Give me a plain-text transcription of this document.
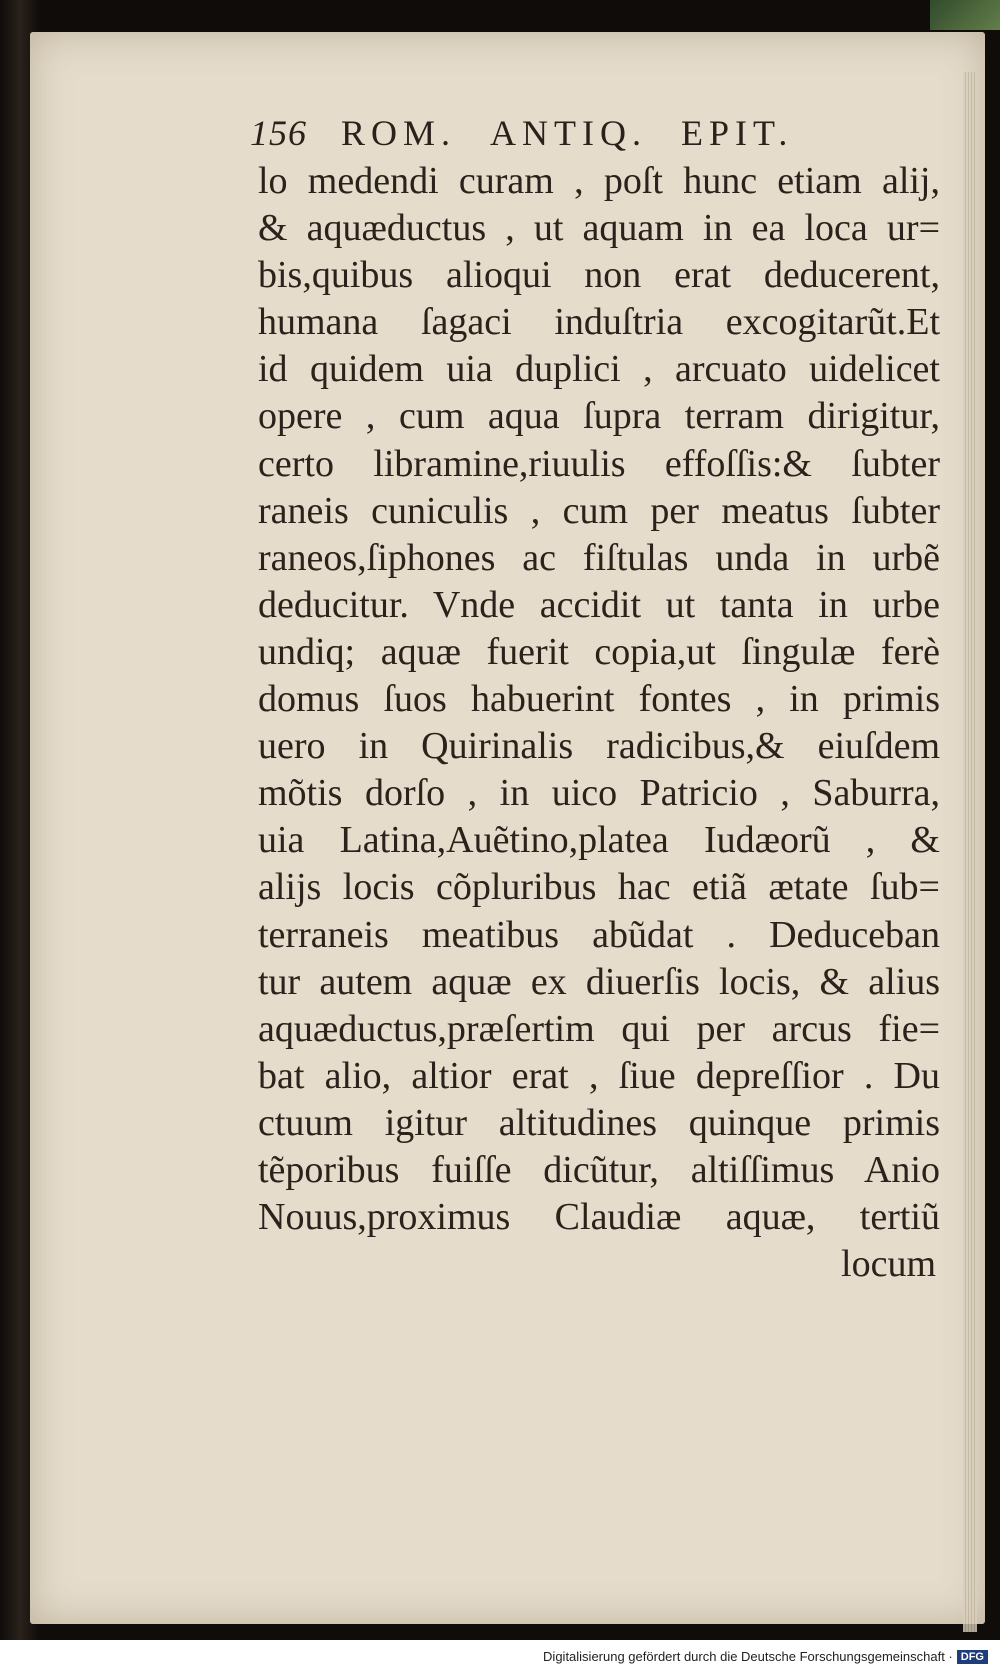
156 ROM. ANTIQ. EPIT.
lo medendi curam , poſt hunc etiam alij,
& aquæductus , ut aquam in ea loca ur=
bis,quibus alioqui non erat deducerent,
humana ſagaci induſtria excogitarũt.Et
id quidem uia duplici , arcuato uidelicet
opere , cum aqua ſupra terram dirigitur,
certo libramine,riuulis effoſſis:& ſubter
raneis cuniculis , cum per meatus ſubter
raneos,ſiphones ac fiſtulas unda in urbẽ
deducitur. Vnde accidit ut tanta in urbe
undiq; aquæ fuerit copia,ut ſingulæ ferè
domus ſuos habuerint fontes , in primis
uero in Quirinalis radicibus,& eiuſdem
mõtis dorſo , in uico Patricio , Saburra,
uia Latina,Auẽtino,platea Iudæorũ , &
alijs locis cõpluribus hac etiã ætate ſub=
terraneis meatibus abũdat . Deduceban
tur autem aquæ ex diuerſis locis, & alius
aquæductus,præſertim qui per arcus fie=
bat alio, altior erat , ſiue depreſſior . Du
ctuum igitur altitudines quinque primis
tẽporibus fuiſſe dicũtur, altiſſimus Anio
Nouus,proximus Claudiæ aquæ, tertiũ
locum
Digitalisierung gefördert durch die Deutsche Forschungsgemeinschaft · DFG
